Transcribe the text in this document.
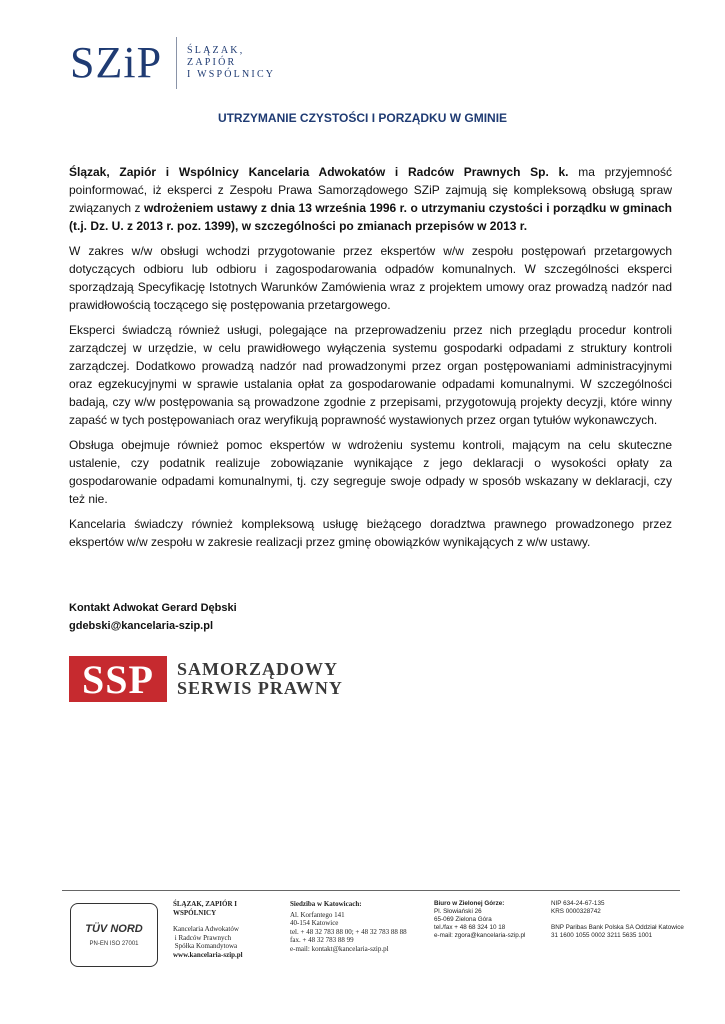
SZiP	ŚLĄZAK,
ZAPIÓR
I WSPÓLNICY
UTRZYMANIE CZYSTOŚCI I PORZĄDKU W GMINIE

Ślązak, Zapiór i Wspólnicy Kancelaria Adwokatów i Radców Prawnych Sp. k. ma przyjemność poinformować, iż eksperci z Zespołu Prawa Samorządowego SZiP zajmują się kompleksową obsługą spraw związanych z wdrożeniem ustawy z dnia 13 września 1996 r. o utrzymaniu czystości i porządku w gminach (t.j. Dz. U. z 2013 r. poz. 1399), w szczególności po zmianach przepisów w 2013 r.

W zakres w/w obsługi wchodzi przygotowanie przez ekspertów w/w zespołu postępowań przetargowych dotyczących odbioru lub odbioru i zagospodarowania odpadów komunalnych. W szczególności eksperci sporządzają Specyfikację Istotnych Warunków Zamówienia wraz z projektem umowy oraz prowadzą nadzór nad prawidłowością toczącego się postępowania przetargowego.

Eksperci świadczą również usługi, polegające na przeprowadzeniu przez nich przeglądu procedur kontroli zarządczej w urzędzie, w celu prawidłowego wyłączenia systemu gospodarki odpadami z struktury kontroli zarządczej. Dodatkowo prowadzą nadzór nad prowadzonymi przez organ postępowaniami administracyjnymi oraz egzekucyjnymi w sprawie ustalania opłat za gospodarowanie odpadami komunalnymi. W szczególności badają, czy w/w postępowania są prowadzone zgodnie z przepisami, przygotowują projekty decyzji, które winny zapaść w tych postępowaniach oraz weryfikują poprawność wystawionych przez organ tytułów wykonawczych.

Obsługa obejmuje również pomoc ekspertów w wdrożeniu systemu kontroli, mającym na celu skuteczne ustalenie, czy podatnik realizuje zobowiązanie wynikające z jego deklaracji o wysokości opłaty za gospodarowanie odpadami komunalnymi, tj. czy segreguje swoje odpady w sposób wskazany w deklaracji, czy też nie.

Kancelaria świadczy również kompleksową usługę bieżącego doradztwa prawnego prowadzonego przez ekspertów w/w zespołu w zakresie realizacji przez gminę obowiązków wynikających z w/w ustawy.

Kontakt Adwokat Gerard Dębski
gdebski@kancelaria-szip.pl
SSP	SAMORZĄDOWY
SERWIS PRAWNY
TÜV NORD
PN-EN ISO 27001
ŚLĄZAK, ZAPIÓR I
WSPÓLNICY
Kancelaria Adwokatów
i Radców Prawnych
Spółka Komandytowa
www.kancelaria-szip.pl
Siedziba w Katowicach:
Al. Korfantego 141
40-154 Katowice
tel. + 48 32 783 88 00; + 48 32 783 88 88
fax. + 48 32 783 88 99
e-mail: kontakt@kancelaria-szip.pl
Biuro w Zielonej Górze:
Pl. Słowiański 26
65-069 Zielona Góra
tel./fax + 48 68 324 10 18
e-mail: zgora@kancelaria-szip.pl
NIP 634-24-67-135
KRS 0000328742
BNP Paribas Bank Polska SA Oddział Katowice
31 1600 1055 0002 3211 5635 1001
